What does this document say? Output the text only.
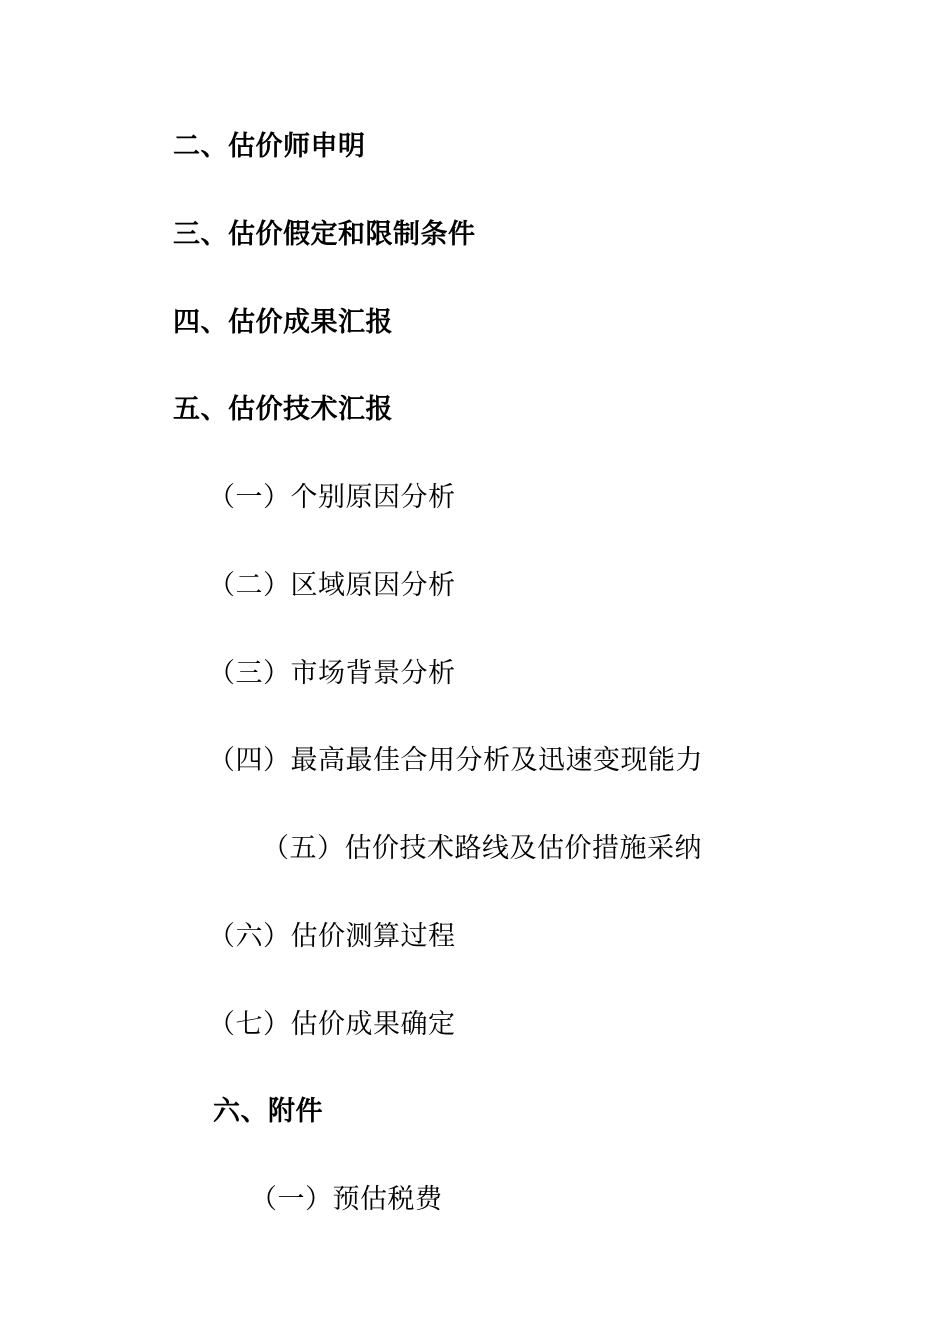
二、估价师申明
三、估价假定和限制条件
四、估价成果汇报
五、估价技术汇报
（一）个别原因分析
（二）区域原因分析
（三）市场背景分析
（四）最高最佳合用分析及迅速变现能力
（五）估价技术路线及估价措施采纳
（六）估价测算过程
（七）估价成果确定
六、附件
（一）预估税费
